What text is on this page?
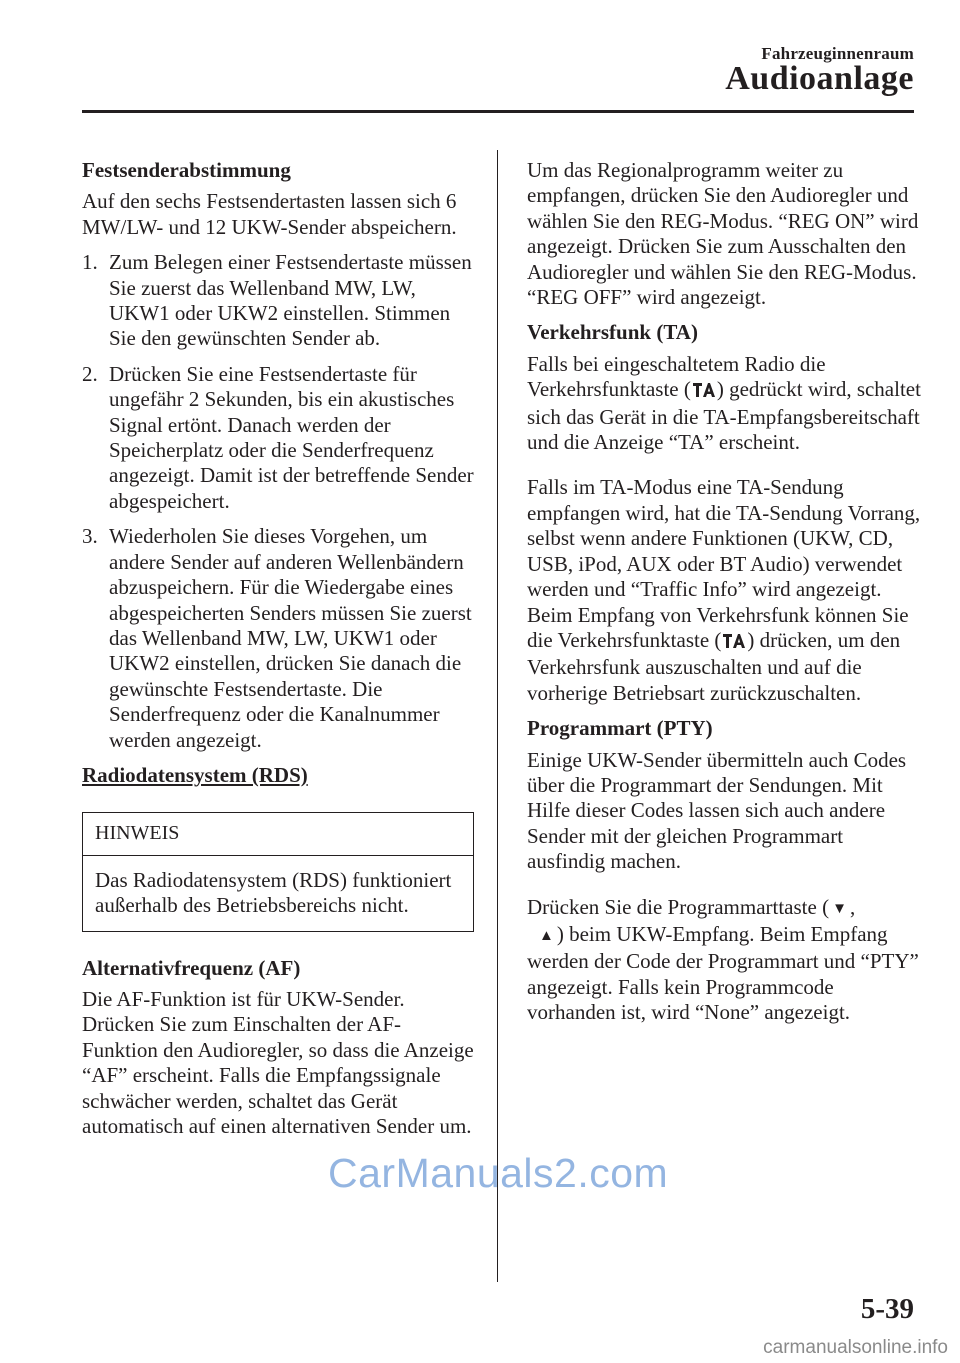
Fahrzeuginnenraum
Audioanlage
Festsenderabstimmung

Auf den sechs Festsendertasten lassen sich 6 MW/LW- und 12 UKW-Sender abspeichern.

1. Zum Belegen einer Festsendertaste müssen Sie zuerst das Wellenband MW, LW, UKW1 oder UKW2 einstellen. Stimmen Sie den gewünschten Sender ab.
2. Drücken Sie eine Festsendertaste für ungefähr 2 Sekunden, bis ein akustisches Signal ertönt. Danach werden der Speicherplatz oder die Senderfrequenz angezeigt. Damit ist der betreffende Sender abgespeichert.
3. Wiederholen Sie dieses Vorgehen, um andere Sender auf anderen Wellenbändern abzuspeichern. Für die Wiedergabe eines abgespeicherten Senders müssen Sie zuerst das Wellenband MW, LW, UKW1 oder UKW2 einstellen, drücken Sie danach die gewünschte Festsendertaste. Die Senderfrequenz oder die Kanalnummer werden angezeigt.
Radiodatensystem (RDS)
HINWEIS
Das Radiodatensystem (RDS) funktioniert außerhalb des Betriebsbereichs nicht.
Alternativfrequenz (AF)

Die AF-Funktion ist für UKW-Sender. Drücken Sie zum Einschalten der AF-Funktion den Audioregler, so dass die Anzeige “AF” erscheint. Falls die Empfangssignale schwächer werden, schaltet das Gerät automatisch auf einen alternativen Sender um.

Um das Regionalprogramm weiter zu empfangen, drücken Sie den Audioregler und wählen Sie den REG-Modus. “REG ON” wird angezeigt. Drücken Sie zum Ausschalten den Audioregler und wählen Sie den REG-Modus. “REG OFF” wird angezeigt.

Verkehrsfunk (TA)

Falls bei eingeschaltetem Radio die Verkehrsfunktaste ( ) gedrückt wird, schaltet sich das Gerät in die TA-Empfangsbereitschaft und die Anzeige “TA” erscheint.

Falls im TA-Modus eine TA-Sendung empfangen wird, hat die TA-Sendung Vorrang, selbst wenn andere Funktionen (UKW, CD, USB, iPod, AUX oder BT Audio) verwendet werden und “Traffic Info” wird angezeigt.

Beim Empfang von Verkehrsfunk können Sie die Verkehrsfunktaste ( ) drücken, um den Verkehrsfunk auszuschalten und auf die vorherige Betriebsart zurückzuschalten.

Programmart (PTY)

Einige UKW-Sender übermitteln auch Codes über die Programmart der Sendungen. Mit Hilfe dieser Codes lassen sich auch andere Sender mit der gleichen Programmart ausfindig machen.

Drücken Sie die Programmarttaste ( ▼ ,
▲ ) beim UKW-Empfang. Beim Empfang werden der Code der Programmart und “PTY” angezeigt. Falls kein Programmcode vorhanden ist, wird “None” angezeigt.

CarManuals2.com
5-39
carmanualsonline.info
